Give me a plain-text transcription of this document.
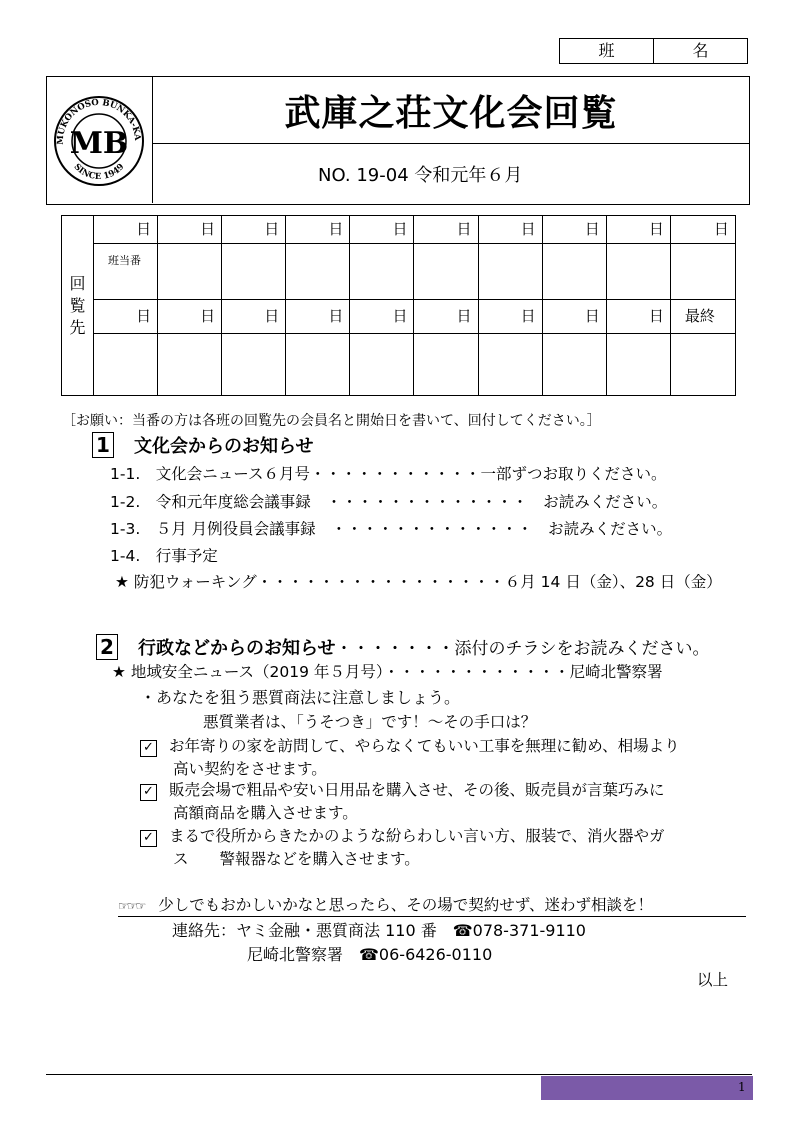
班	名
MUKONOSO BUNKA-KA
SINCE 1949
MB
武庫之荘文化会回覧
NO. 19-04 令和元年６月
回
覧
先
日	日	日	日	日	日	日	日	日	日
班当番
日	日	日	日	日	日	日	日	日	最終
［お願い：当番の方は各班の回覧先の会員名と開始日を書いて、回付してください。］
1 文化会からのお知らせ
1-1.　文化会ニュース６月号・・・・・・・・・・・一部ずつお取りください。
1-2.　令和元年度総会議事録　・・・・・・・・・・・・・　お読みください。
1-3.　５月 月例役員会議事録　・・・・・・・・・・・・・　お読みください。
1-4.　行事予定
★ 防犯ウォーキング・・・・・・・・・・・・・・・・６月 14 日（金）、28 日（金）
2 行政などからのお知らせ・・・・・・・添付のチラシをお読みください。
★ 地域安全ニュース（2019 年５月号）・・・・・・・・・・・・尼崎北警察署
・あなたを狙う悪質商法に注意しましょう。
悪質業者は、「うそつき」です！～その手口は？
✓ お年寄りの家を訪問して、やらなくてもいい工事を無理に勧め、相場より
高い契約をさせます。
✓ 販売会場で粗品や安い日用品を購入させ、その後、販売員が言葉巧みに
高額商品を購入させます。
✓ まるで役所からきたかのような紛らわしい言い方、服装で、消火器やガ
ス　　警報器などを購入させます。
☞☞☞ 少しでもおかしいかなと思ったら、その場で契約せず、迷わず相談を！
連絡先：ヤミ金融・悪質商法 110 番　☎078-371-9110
尼崎北警察署　☎06-6426-0110
以上
1
